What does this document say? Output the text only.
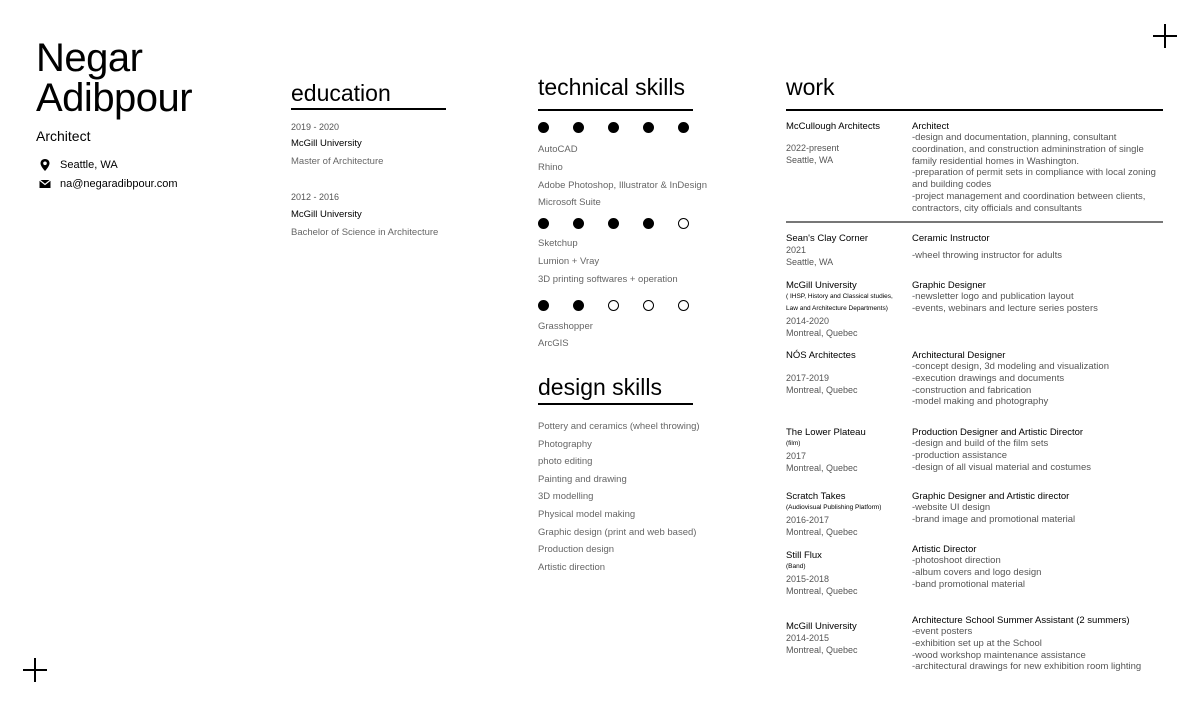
Negar
Adibpour
Architect
Seattle, WA
na@negaradibpour.com
education
2019 - 2020
McGill University
Master of Architecture
2012 - 2016
McGill University
Bachelor of Science in Architecture
technical skills
AutoCAD
Rhino
Adobe Photoshop, Illustrator & InDesign
Microsoft Suite
Sketchup
Lumion + Vray
3D printing softwares + operation
Grasshopper
ArcGIS
design skills
Pottery and ceramics (wheel throwing)
Photography
photo editing
Painting and drawing
3D modelling
Physical model making
Graphic design (print and web based)
Production design
Artistic direction
work
McCullough Architects
2022-present
Seattle, WA
Architect
-design and documentation, planning, consultant
coordination, and construction admininstration of single
family residential homes in Washington.
-preparation of permit sets in compliance with local zoning
and building codes
-project management and coordination between clients,
contractors, city officials and consultants
Sean's Clay Corner
2021
Seattle, WA
Ceramic Instructor
-wheel throwing instructor for adults
McGill University
( IHSP, History and Classical studies,
Law and Architecture Departments)
2014-2020
Montreal, Quebec
Graphic Designer
-newsletter logo and publication layout
-events, webinars and lecture series posters
NÓS Architectes
2017-2019
Montreal, Quebec
Architectural Designer
-concept design, 3d modeling and visualization
-execution drawings and documents
-construction and fabrication
-model making and photography
The Lower Plateau
(film)
2017
Montreal, Quebec
Production Designer and Artistic Director
-design and build of the film sets
-production assistance
-design of all visual material and costumes
Scratch Takes
(Audiovisual Publishing Platform)
2016-2017
Montreal, Quebec
Graphic Designer and Artistic director
-website UI design
-brand image and promotional material
Still Flux
(Band)
2015-2018
Montreal, Quebec
Artistic Director
-photoshoot direction
-album covers and logo design
-band promotional material
McGill University
2014-2015
Montreal, Quebec
Architecture School Summer Assistant (2 summers)
-event posters
-exhibition set up at the School
-wood workshop maintenance assistance
-architectural drawings for new exhibition room lighting
